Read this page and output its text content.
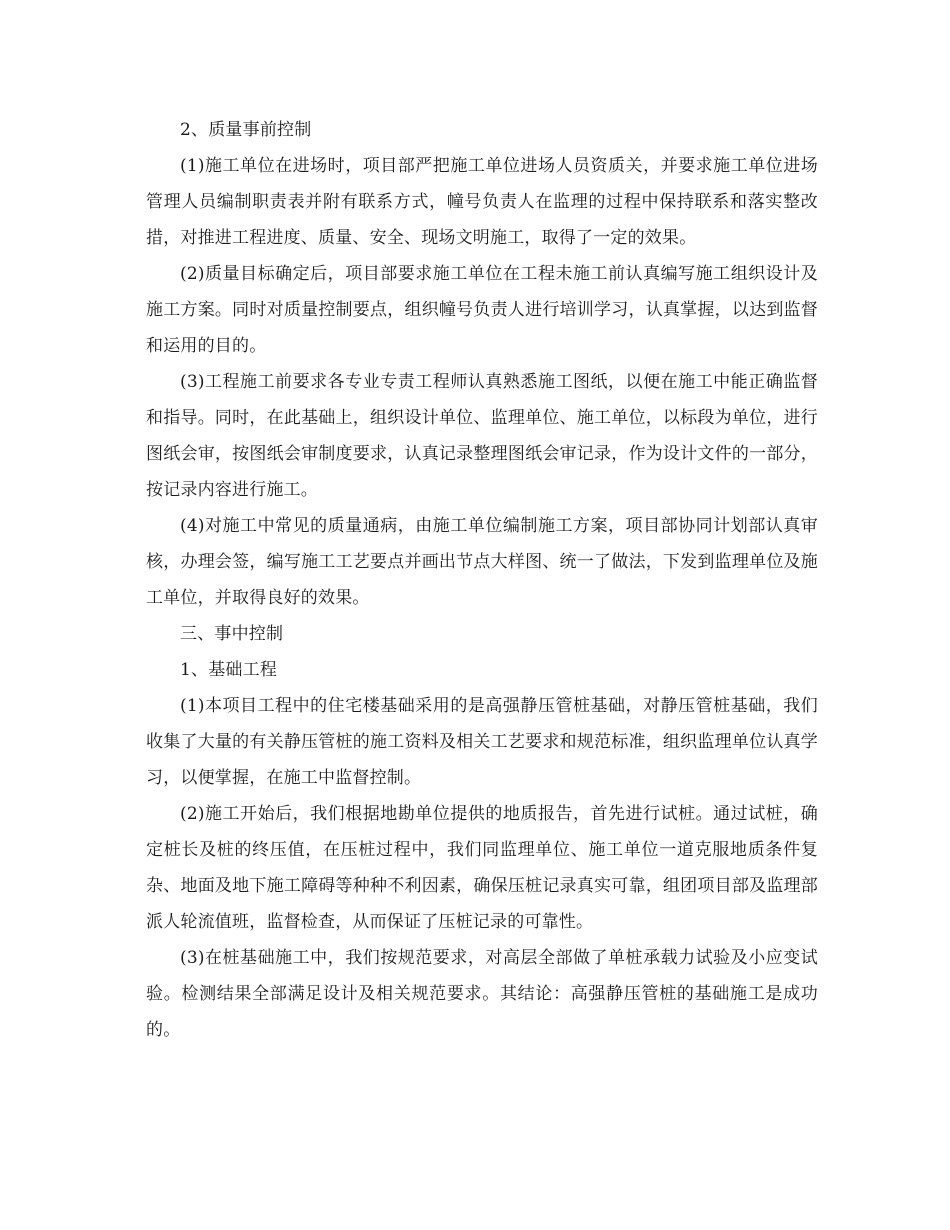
2、质量事前控制

(1)施工单位在进场时，项目部严把施工单位进场人员资质关，并要求施工单位进场管理人员编制职责表并附有联系方式，幢号负责人在监理的过程中保持联系和落实整改措，对推进工程进度、质量、安全、现场文明施工，取得了一定的效果。

(2)质量目标确定后，项目部要求施工单位在工程未施工前认真编写施工组织设计及施工方案。同时对质量控制要点，组织幢号负责人进行培训学习，认真掌握，以达到监督和运用的目的。

(3)工程施工前要求各专业专责工程师认真熟悉施工图纸，以便在施工中能正确监督和指导。同时，在此基础上，组织设计单位、监理单位、施工单位，以标段为单位，进行图纸会审，按图纸会审制度要求，认真记录整理图纸会审记录，作为设计文件的一部分，按记录内容进行施工。

(4)对施工中常见的质量通病，由施工单位编制施工方案，项目部协同计划部认真审核，办理会签，编写施工工艺要点并画出节点大样图、统一了做法，下发到监理单位及施工单位，并取得良好的效果。

三、事中控制

1、基础工程

(1)本项目工程中的住宅楼基础采用的是高强静压管桩基础，对静压管桩基础，我们收集了大量的有关静压管桩的施工资料及相关工艺要求和规范标准，组织监理单位认真学习，以便掌握，在施工中监督控制。

(2)施工开始后，我们根据地勘单位提供的地质报告，首先进行试桩。通过试桩，确定桩长及桩的终压值，在压桩过程中，我们同监理单位、施工单位一道克服地质条件复杂、地面及地下施工障碍等种种不利因素，确保压桩记录真实可靠，组团项目部及监理部派人轮流值班，监督检查，从而保证了压桩记录的可靠性。

(3)在桩基础施工中，我们按规范要求，对高层全部做了单桩承载力试验及小应变试验。检测结果全部满足设计及相关规范要求。其结论：高强静压管桩的基础施工是成功的。
